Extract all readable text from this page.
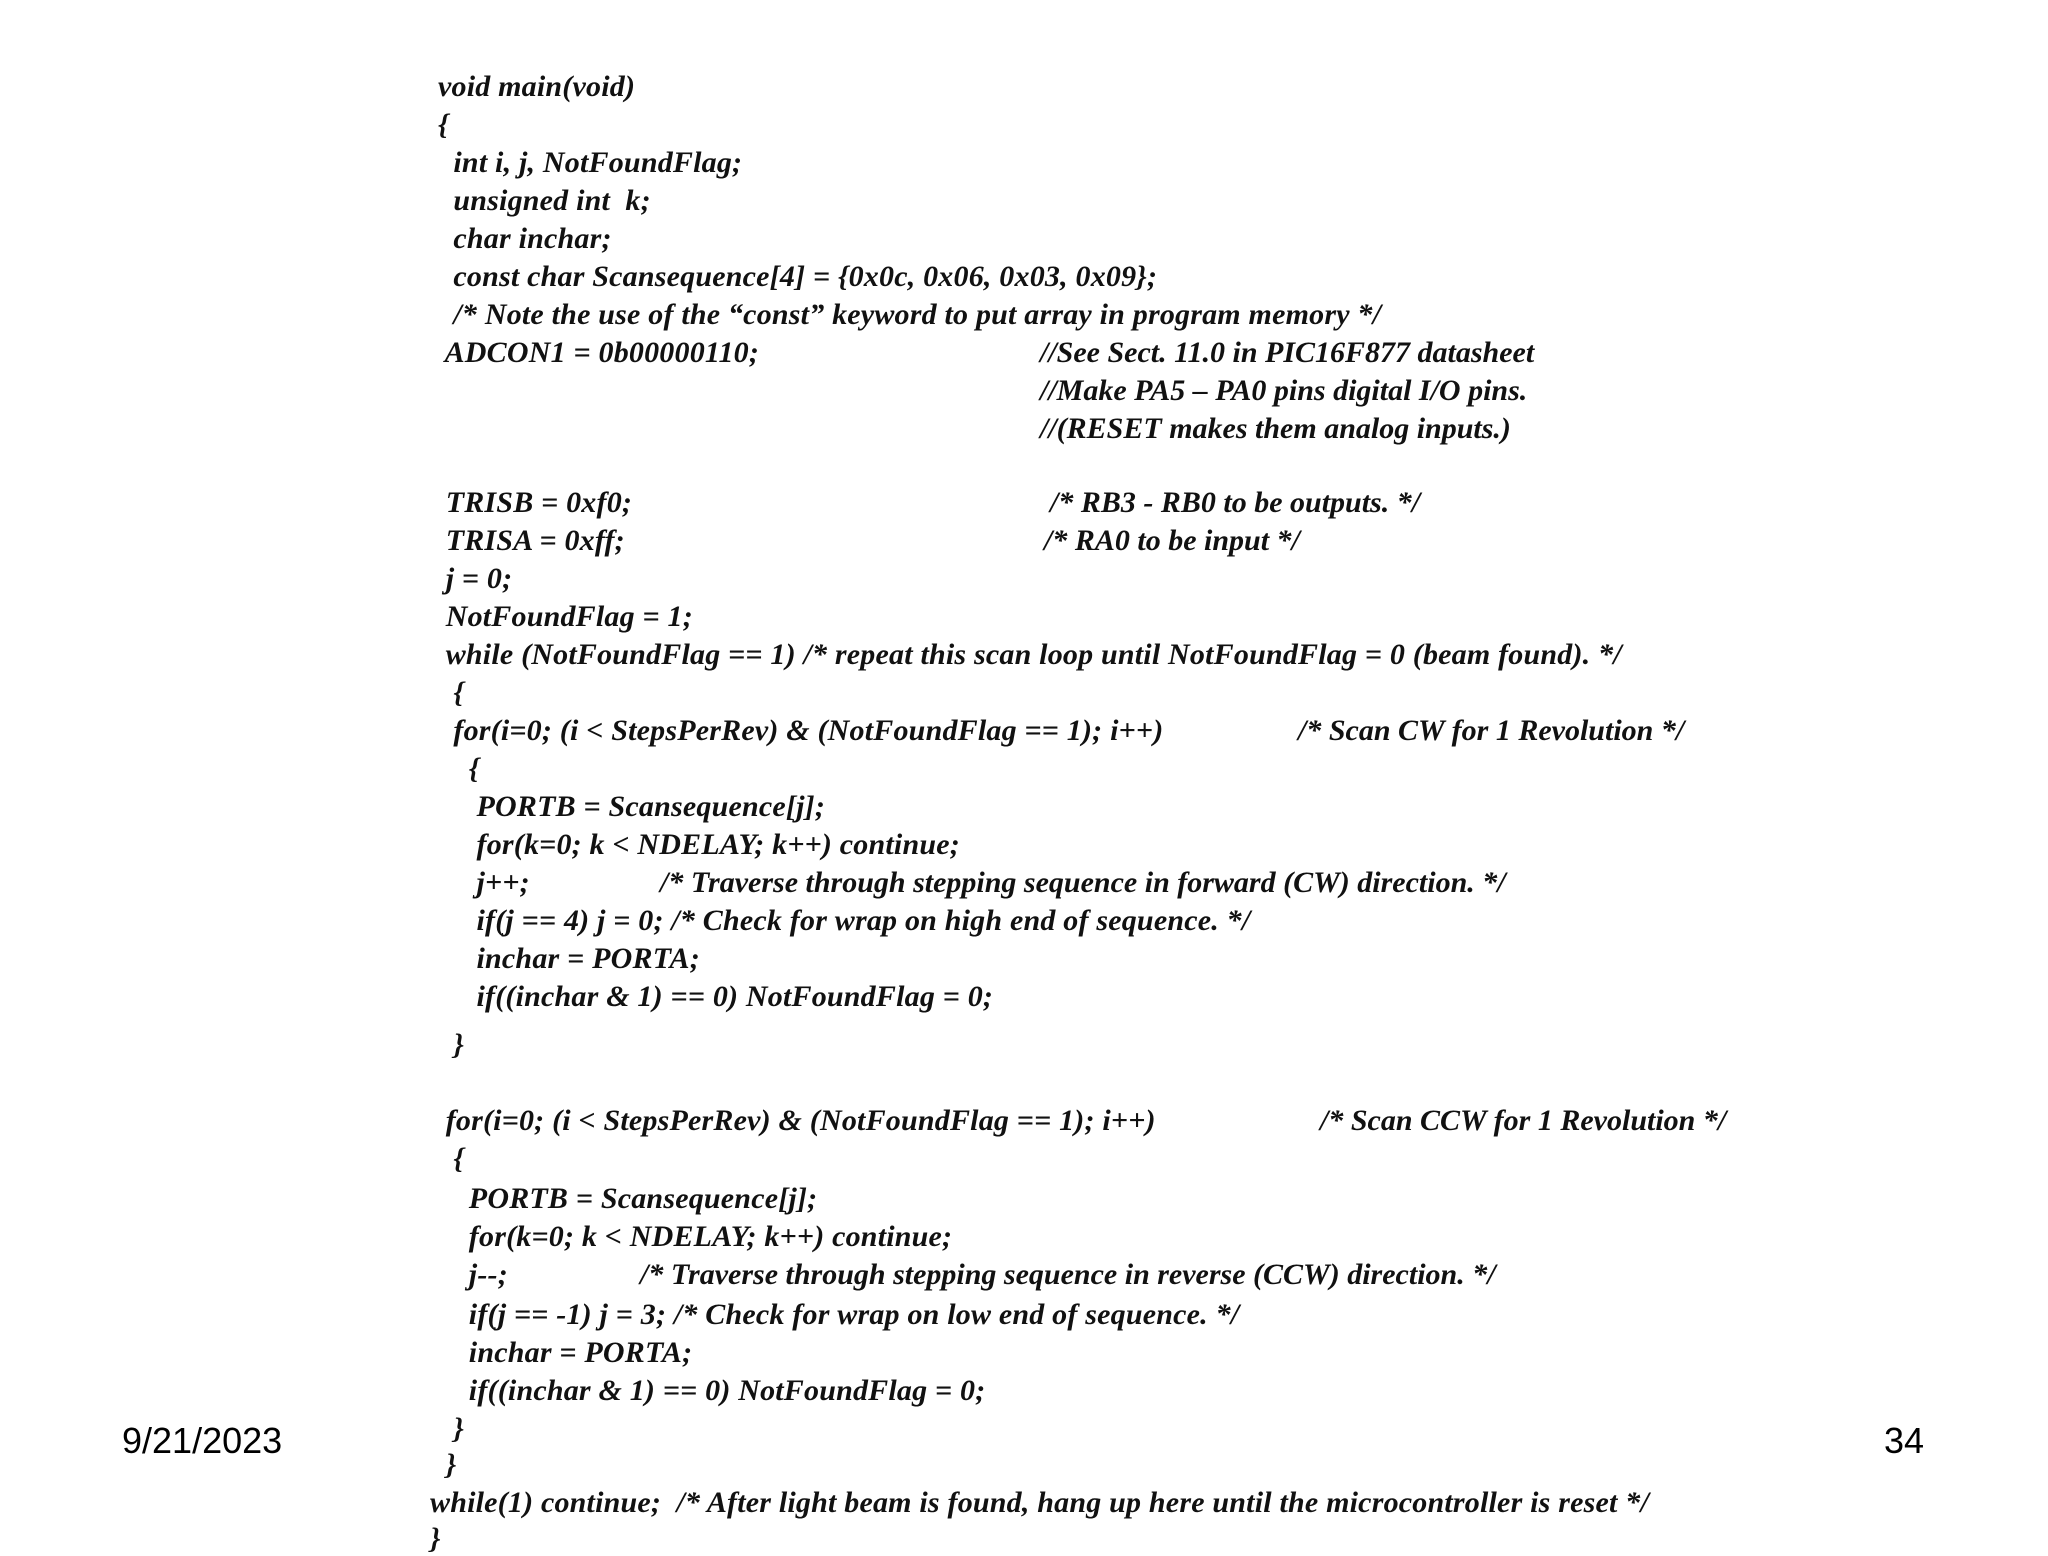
void main(void)
{
int i, j, NotFoundFlag;
unsigned int  k;
char inchar;
const char Scansequence[4] = {0x0c, 0x06, 0x03, 0x09};
/* Note the use of the “const” keyword to put array in program memory */
ADCON1 = 0b00000110;	//See Sect. 11.0 in PIC16F877 datasheet
//Make PA5 – PA0 pins digital I/O pins.
//(RESET makes them analog inputs.)
TRISB = 0xf0;	/* RB3 - RB0 to be outputs. */
TRISA = 0xff;	/* RA0 to be input */
j = 0;
NotFoundFlag = 1;
while (NotFoundFlag == 1) /* repeat this scan loop until NotFoundFlag = 0 (beam found). */
{
for(i=0; (i < StepsPerRev) & (NotFoundFlag == 1); i++)	/* Scan CW for 1 Revolution */
{
PORTB = Scansequence[j];
for(k=0; k < NDELAY; k++) continue;
j++;	/* Traverse through stepping sequence in forward (CW) direction. */
if(j == 4) j = 0; /* Check for wrap on high end of sequence. */
inchar = PORTA;
if((inchar & 1) == 0) NotFoundFlag = 0;
}
for(i=0; (i < StepsPerRev) & (NotFoundFlag == 1); i++)	/* Scan CCW for 1 Revolution */
{
PORTB = Scansequence[j];
for(k=0; k < NDELAY; k++) continue;
j--;	/* Traverse through stepping sequence in reverse (CCW) direction. */
if(j == -1) j = 3; /* Check for wrap on low end of sequence. */
inchar = PORTA;
if((inchar & 1) == 0) NotFoundFlag = 0;
}
}
while(1) continue;  /* After light beam is found, hang up here until the microcontroller is reset */
}
9/21/2023	34
